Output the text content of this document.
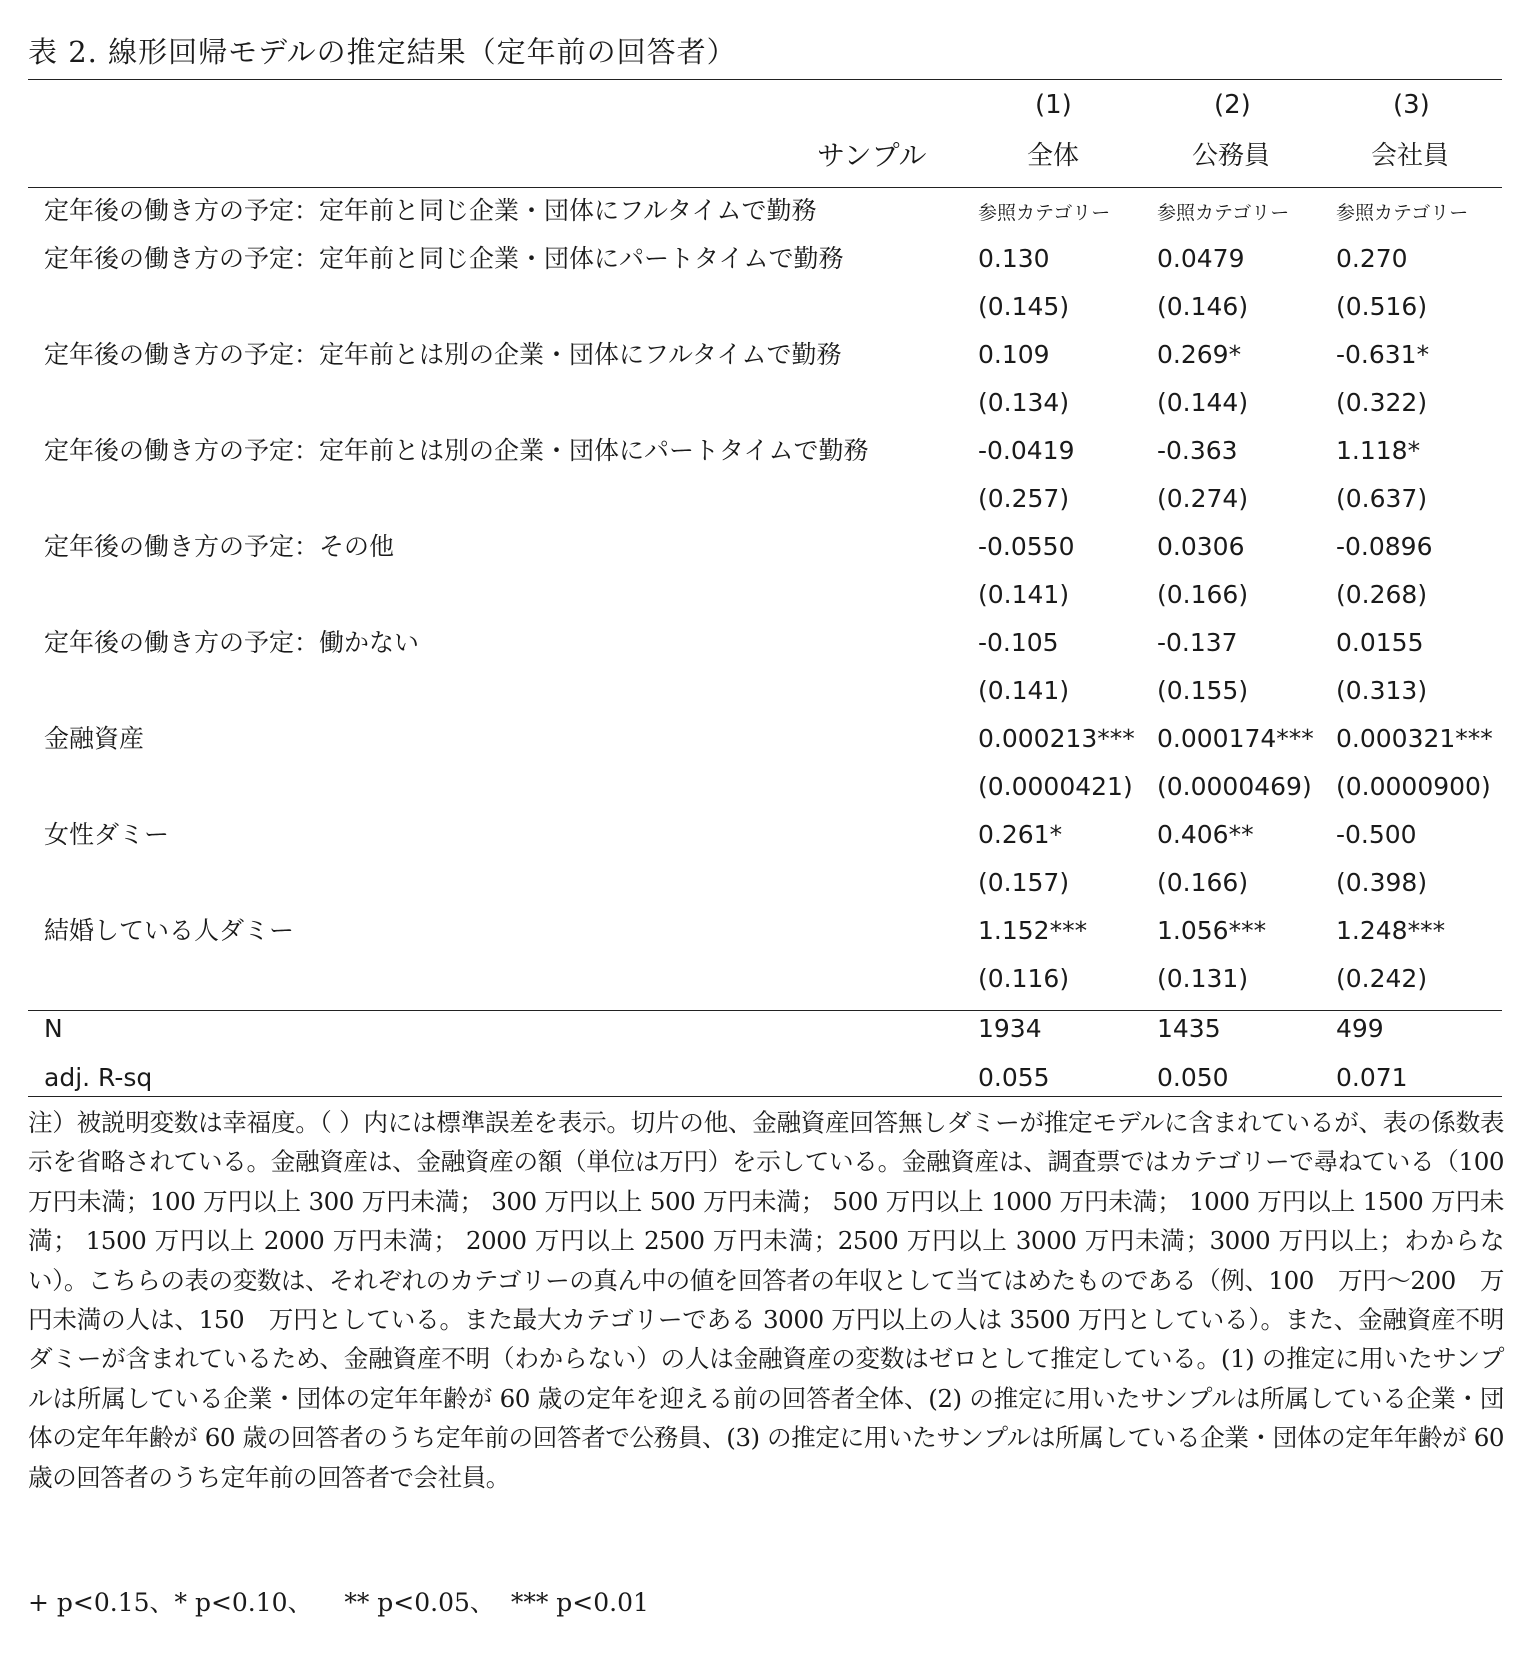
表 2. 線形回帰モデルの推定結果（定年前の回答者）
(1)	(2)	(3)
サンプル	全体	公務員	会社員
定年後の働き方の予定：定年前と同じ企業・団体にフルタイムで勤務	参照カテゴリー 参照カテゴリー 参照カテゴリー
定年後の働き方の予定：定年前と同じ企業・団体にパートタイムで勤務	0.130	0.0479	0.270
(0.145)	(0.146)	(0.516)
定年後の働き方の予定：定年前とは別の企業・団体にフルタイムで勤務	0.109	0.269*	-0.631*
(0.134)	(0.144)	(0.322)
定年後の働き方の予定：定年前とは別の企業・団体にパートタイムで勤務	-0.0419	-0.363	1.118*
(0.257)	(0.274)	(0.637)
定年後の働き方の予定：その他	-0.0550	0.0306	-0.0896
(0.141)	(0.166)	(0.268)
定年後の働き方の予定：働かない	-0.105	-0.137	0.0155
(0.141)	(0.155)	(0.313)
金融資産	0.000213*** 0.000174*** 0.000321***
(0.0000421) (0.0000469) (0.0000900)
女性ダミー	0.261*	0.406**	-0.500
(0.157)	(0.166)	(0.398)
結婚している人ダミー	1.152***	1.056***	1.248***
(0.116)	(0.131)	(0.242)
N	1934	1435	499
adj. R-sq	0.055	0.050	0.071
注）被説明変数は幸福度。（ ）内には標準誤差を表示。切片の他、金融資産回答無しダミーが推定モデルに含まれているが、表の係数表示を省略されている。金融資産は、金融資産の額（単位は万円）を示している。金融資産は、調査票ではカテゴリーで尋ねている（100 万円未満；100 万円以上 300 万円未満； 300 万円以上 500 万円未満； 500 万円以上 1000 万円未満； 1000 万円以上 1500 万円未満； 1500 万円以上 2000 万円未満； 2000 万円以上 2500 万円未満；2500 万円以上 3000 万円未満；3000 万円以上；わからない）。こちらの表の変数は、それぞれのカテゴリーの真ん中の値を回答者の年収として当てはめたものである（例、100　万円～200　万円未満の人は、150　万円としている。また最大カテゴリーである 3000 万円以上の人は 3500 万円としている）。また、金融資産不明ダミーが含まれているため、金融資産不明（わからない）の人は金融資産の変数はゼロとして推定している。(1) の推定に用いたサンプルは所属している企業・団体の定年年齢が 60 歳の定年を迎える前の回答者全体、(2) の推定に用いたサンプルは所属している企業・団体の定年年齢が 60 歳の回答者のうち定年前の回答者で公務員、(3) の推定に用いたサンプルは所属している企業・団体の定年年齢が 60 歳の回答者のうち定年前の回答者で会社員。
+ p<0.15、* p<0.10、    ** p<0.05、  *** p<0.01
